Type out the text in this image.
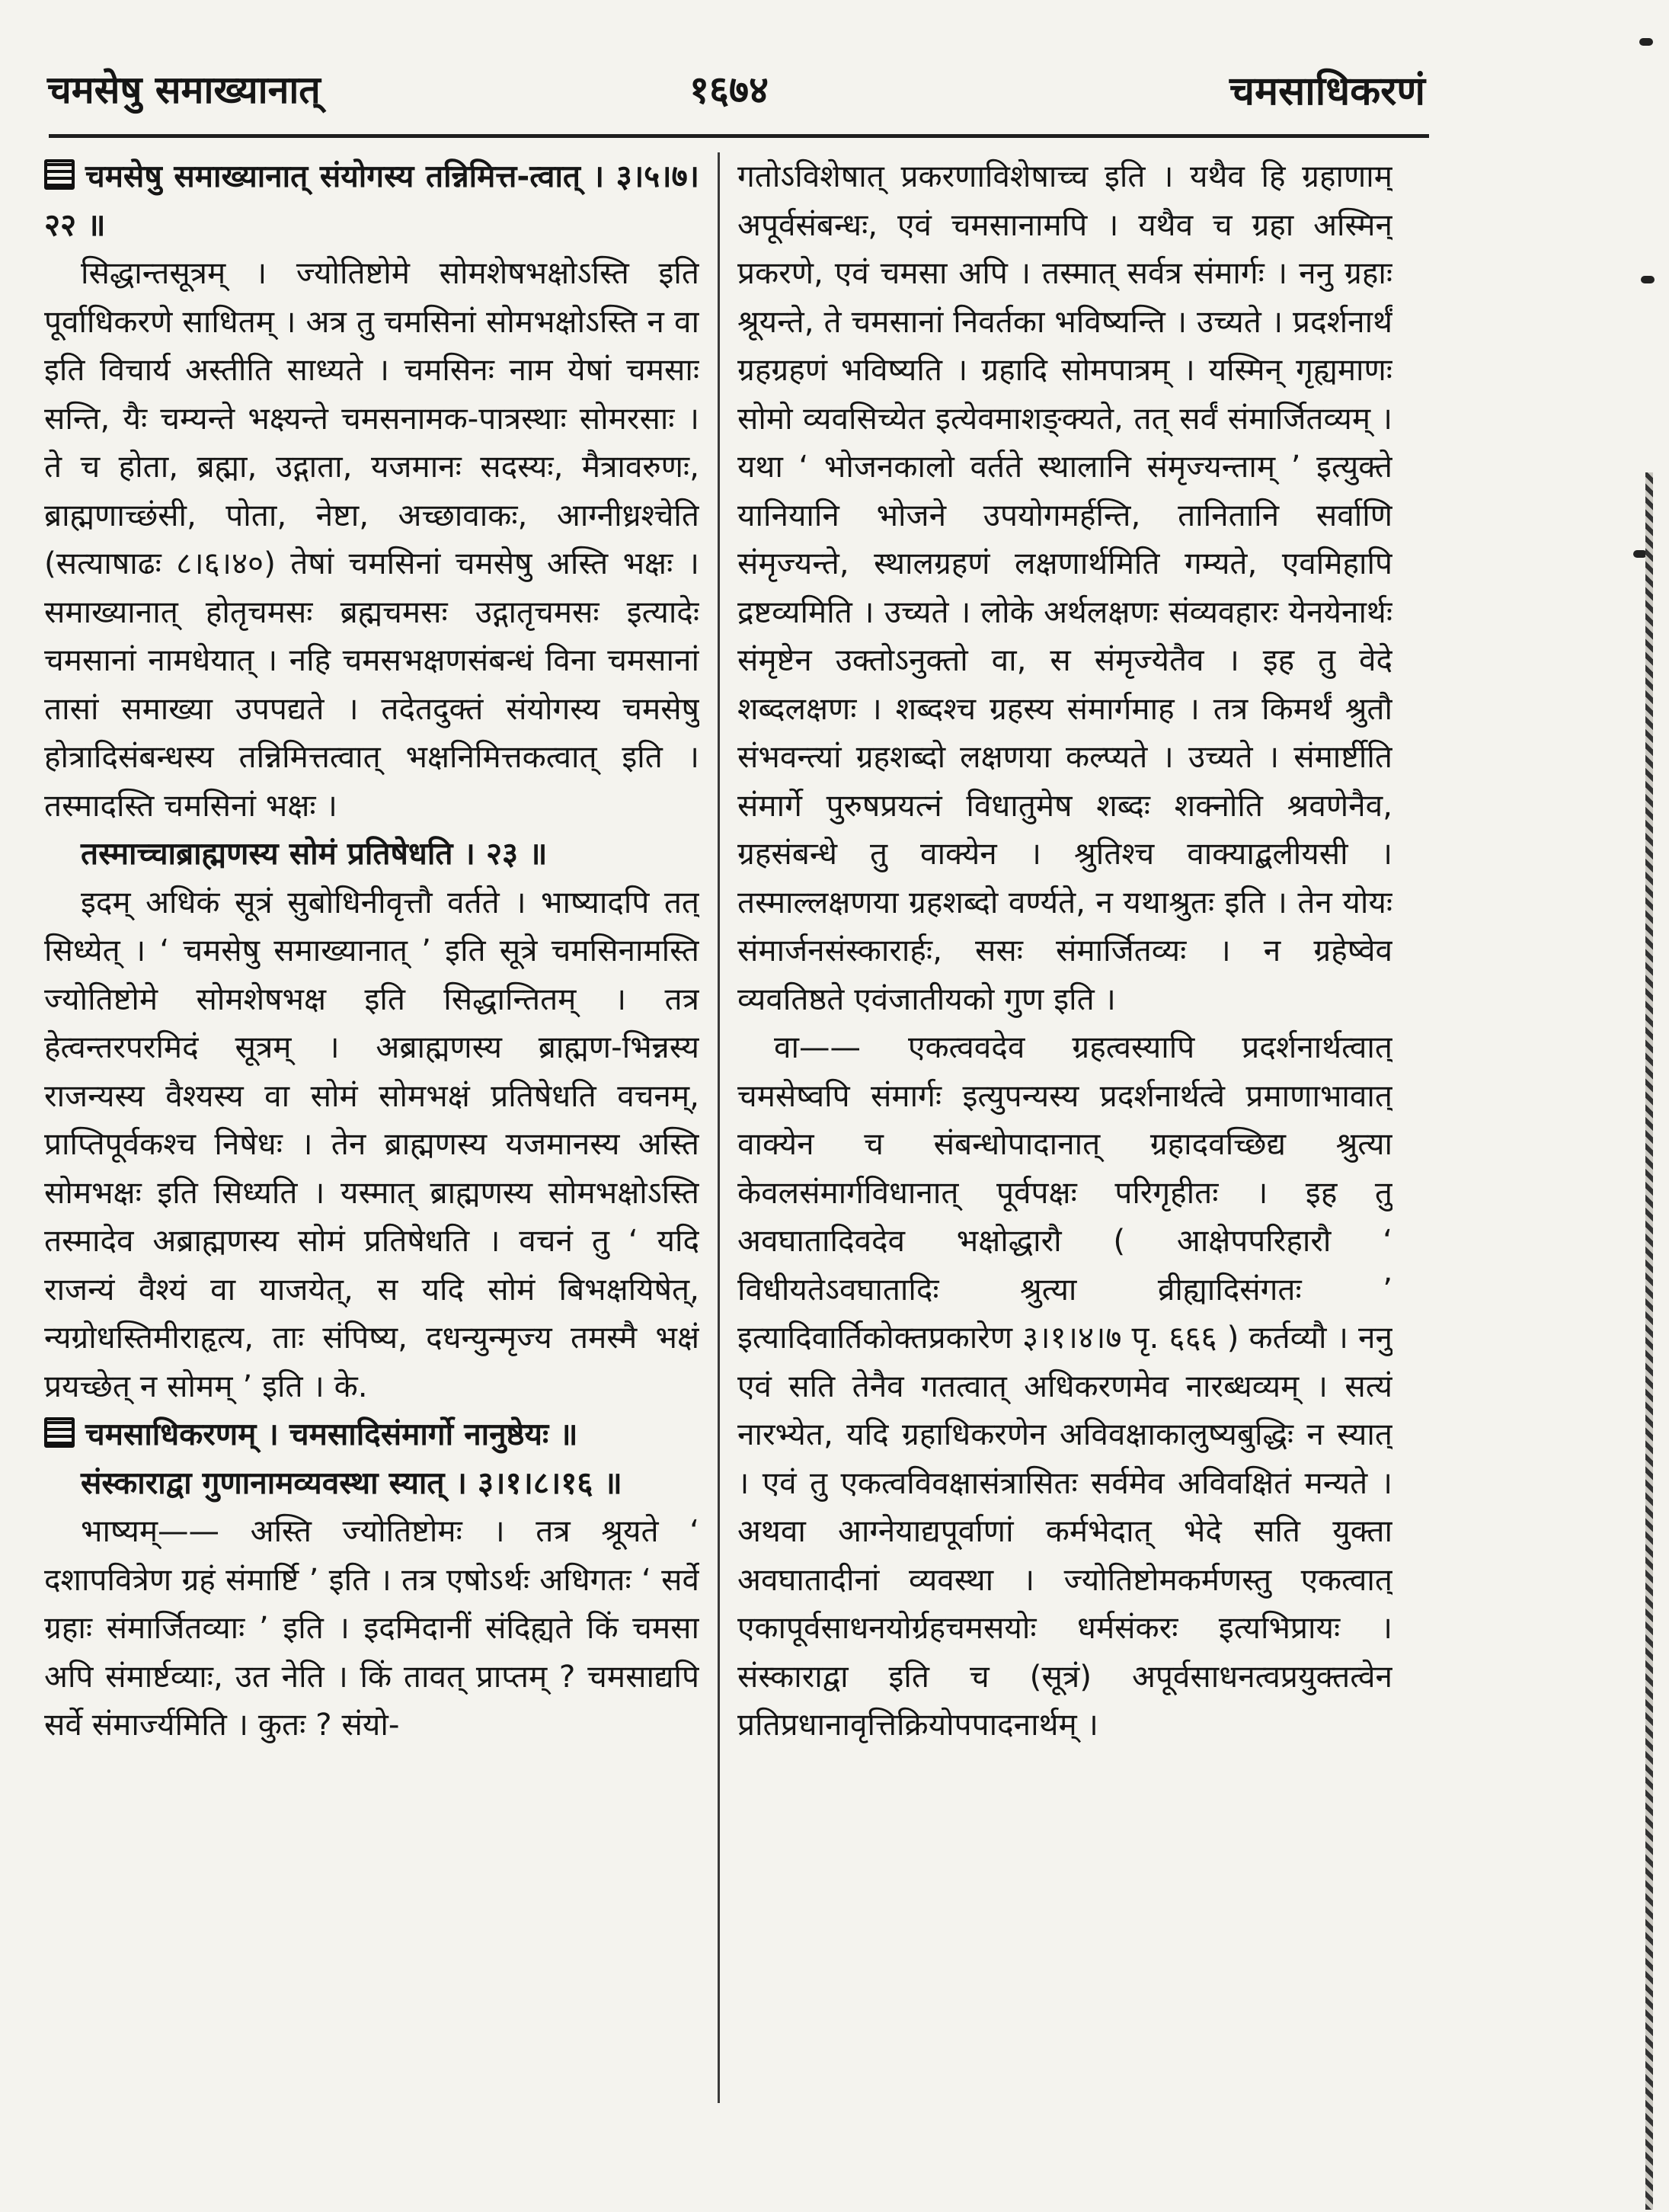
चमसेषु समाख्यानात्	१६७४	चमसाधिकरणं

चमसेषु समाख्यानात् संयोगस्य तन्निमित्त-त्वात् । ३।५।७।२२ ॥

सिद्धान्तसूत्रम् । ज्योतिष्टोमे सोमशेषभक्षोऽस्ति इति पूर्वाधिकरणे साधितम् । अत्र तु चमसिनां सोमभक्षोऽस्ति न वा इति विचार्य अस्तीति साध्यते । चमसिनः नाम येषां चमसाः सन्ति, यैः चम्यन्ते भक्ष्यन्ते चमसनामक-पात्रस्थाः सोमरसाः । ते च होता, ब्रह्मा, उद्गाता, यजमानः सदस्यः, मैत्रावरुणः, ब्राह्मणाच्छंसी, पोता, नेष्टा, अच्छावाकः, आग्नीध्रश्चेति (सत्याषाढः ८।६।४०) तेषां चमसिनां चमसेषु अस्ति भक्षः । समाख्यानात् होतृचमसः ब्रह्मचमसः उद्गातृचमसः इत्यादेः चमसानां नामधेयात् । नहि चमसभक्षणसंबन्धं विना चमसानां तासां समाख्या उपपद्यते । तदेतदुक्तं संयोगस्य चमसेषु होत्रादिसंबन्धस्य तन्निमित्तत्वात् भक्षनिमित्तकत्वात् इति । तस्मादस्ति चमसिनां भक्षः ।

तस्माच्चाब्राह्मणस्य सोमं प्रतिषेधति । २३ ॥

इदम् अधिकं सूत्रं सुबोधिनीवृत्तौ वर्तते । भाष्यादपि तत् सिध्येत् । ‘ चमसेषु समाख्यानात् ’ इति सूत्रे चमसिनामस्ति ज्योतिष्टोमे सोमशेषभक्ष इति सिद्धान्तितम् । तत्र हेत्वन्तरपरमिदं सूत्रम् । अब्राह्मणस्य ब्राह्मण-भिन्नस्य राजन्यस्य वैश्यस्य वा सोमं सोमभक्षं प्रतिषेधति वचनम्, प्राप्तिपूर्वकश्च निषेधः । तेन ब्राह्मणस्य यजमानस्य अस्ति सोमभक्षः इति सिध्यति । यस्मात् ब्राह्मणस्य सोमभक्षोऽस्ति तस्मादेव अब्राह्मणस्य सोमं प्रतिषेधति । वचनं तु ‘ यदि राजन्यं वैश्यं वा याजयेत्, स यदि सोमं बिभक्षयिषेत्, न्यग्रोधस्तिमीराहृत्य, ताः संपिष्य, दधन्युन्मृज्य तमस्मै भक्षं प्रयच्छेत् न सोमम् ’ इति । के.

चमसाधिकरणम् । चमसादिसंमार्गो नानुष्ठेयः ॥

संस्काराद्वा गुणानामव्यवस्था स्यात् । ३।१।८।१६ ॥

भाष्यम्—— अस्ति ज्योतिष्टोमः । तत्र श्रूयते ‘ दशापवित्रेण ग्रहं संमार्ष्टि ’ इति । तत्र एषोऽर्थः अधिगतः ‘ सर्वे ग्रहाः संमार्जितव्याः ’ इति । इदमिदानीं संदिह्यते किं चमसा अपि संमार्ष्टव्याः, उत नेति । किं तावत् प्राप्तम् ? चमसाद्यपि सर्वे संमार्ज्यमिति । कुतः ? संयो-

गतोऽविशेषात् प्रकरणाविशेषाच्च इति । यथैव हि ग्रहाणाम् अपूर्वसंबन्धः, एवं चमसानामपि । यथैव च ग्रहा अस्मिन् प्रकरणे, एवं चमसा अपि । तस्मात् सर्वत्र संमार्गः । ननु ग्रहाः श्रूयन्ते, ते चमसानां निवर्तका भविष्यन्ति । उच्यते । प्रदर्शनार्थं ग्रहग्रहणं भविष्यति । ग्रहादि सोमपात्रम् । यस्मिन् गृह्यमाणः सोमो व्यवसिच्येत इत्येवमाशङ्क्यते, तत् सर्वं संमार्जितव्यम् । यथा ‘ भोजनकालो वर्तते स्थालानि संमृज्यन्ताम् ’ इत्युक्ते यानियानि भोजने उपयोगमर्हन्ति, तानितानि सर्वाणि संमृज्यन्ते, स्थालग्रहणं लक्षणार्थमिति गम्यते, एवमिहापि द्रष्टव्यमिति । उच्यते । लोके अर्थलक्षणः संव्यवहारः येनयेनार्थः संमृष्टेन उक्तोऽनुक्तो वा, स संमृज्येतैव । इह तु वेदे शब्दलक्षणः । शब्दश्च ग्रहस्य संमार्गमाह । तत्र किमर्थं श्रुतौ संभवन्त्यां ग्रहशब्दो लक्षणया कल्प्यते । उच्यते । संमार्ष्टीति संमार्गे पुरुषप्रयत्नं विधातुमेष शब्दः शक्नोति श्रवणेनैव, ग्रहसंबन्धे तु वाक्येन । श्रुतिश्च वाक्याद्बलीयसी । तस्माल्लक्षणया ग्रहशब्दो वर्ण्यते, न यथाश्रुतः इति । तेन योयः संमार्जनसंस्कारार्हः, ससः संमार्जितव्यः । न ग्रहेष्वेव व्यवतिष्ठते एवंजातीयको गुण इति ।

वा—— एकत्ववदेव ग्रहत्वस्यापि प्रदर्शनार्थत्वात् चमसेष्वपि संमार्गः इत्युपन्यस्य प्रदर्शनार्थत्वे प्रमाणाभावात् वाक्येन च संबन्धोपादानात् ग्रहादवच्छिद्य श्रुत्या केवलसंमार्गविधानात् पूर्वपक्षः परिगृहीतः । इह तु अवघातादिवदेव भक्षोद्धारौ ( आक्षेपपरिहारौ ‘ विधीयतेऽवघातादिः श्रुत्या व्रीह्यादिसंगतः ’ इत्यादिवार्तिकोक्तप्रकारेण ३।१।४।७ पृ. ६६६ ) कर्तव्यौ । ननु एवं सति तेनैव गतत्वात् अधिकरणमेव नारब्धव्यम् । सत्यं नारभ्येत, यदि ग्रहाधिकरणेन अविवक्षाकालुष्यबुद्धिः न स्यात् । एवं तु एकत्वविवक्षासंत्रासितः सर्वमेव अविवक्षितं मन्यते । अथवा आग्नेयाद्यपूर्वाणां कर्मभेदात् भेदे सति युक्ता अवघातादीनां व्यवस्था । ज्योतिष्टोमकर्मणस्तु एकत्वात् एकापूर्वसाधनयोर्ग्रहचमसयोः धर्मसंकरः इत्यभिप्रायः । संस्काराद्वा इति च (सूत्रं) अपूर्वसाधनत्वप्रयुक्तत्वेन प्रतिप्रधानावृत्तिक्रियोपपादनार्थम् ।
